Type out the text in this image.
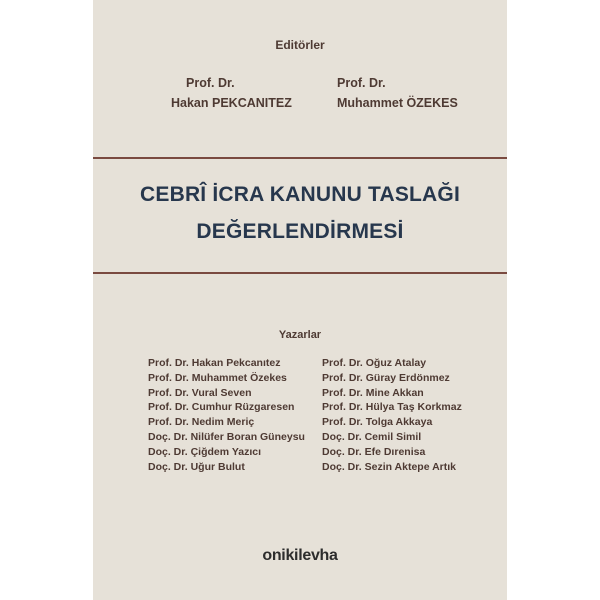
Editörler
Prof. Dr.
Hakan PEKCANITEZ
Prof. Dr.
Muhammet ÖZEKES
CEBRÎ İCRA KANUNU TASLAĞI
DEĞERLENDİRMESİ
Yazarlar
Prof. Dr. Hakan Pekcanıtez
Prof. Dr. Muhammet Özekes
Prof. Dr. Vural Seven
Prof. Dr. Cumhur Rüzgaresen
Prof. Dr. Nedim Meriç
Doç. Dr. Nilüfer Boran Güneysu
Doç. Dr. Çiğdem Yazıcı
Doç. Dr. Uğur Bulut
Prof. Dr. Oğuz Atalay
Prof. Dr. Güray Erdönmez
Prof. Dr. Mine Akkan
Prof. Dr. Hülya Taş Korkmaz
Prof. Dr. Tolga Akkaya
Doç. Dr. Cemil Simil
Doç. Dr. Efe Dırenisa
Doç. Dr. Sezin Aktepe Artık
onikilevha
